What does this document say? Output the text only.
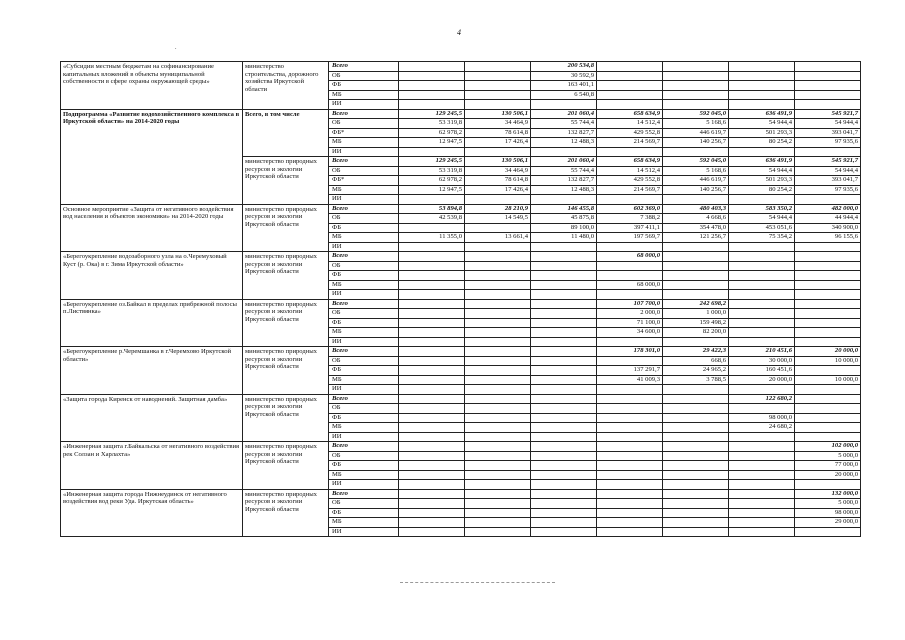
4
.
«Субсидии местным бюджетам на софинансирование капитальных вложений в объекты муниципальной собственности в сфере охраны окружающей среды»	министерство строительства, дорожного хозяйства Иркутской области	Всего			200 534,8				
		ОБ			30 592,9				
		ФБ			163 401,1				
		МБ			6 540,8				
		ИИ							
Подпрограмма «Развитие водохозяйственного комплекса в Иркутской области» на 2014-2020 годы	Всего, в том числе	Всего	129 245,5	130 506,1	201 060,4	658 634,9	592 045,0	636 491,9	545 921,7
		ОБ	53 319,8	34 464,9	55 744,4	14 512,4	5 168,6	54 944,4	54 944,4
		ФБ*	62 978,2	78 614,8	132 827,7	429 552,8	446 619,7	501 293,3	393 041,7
		МБ	12 947,5	17 426,4	12 488,3	214 569,7	140 256,7	80 254,2	97 935,6
		ИИ							
	министерство природных ресурсов и экологии Иркутской области	Всего	129 245,5	130 506,1	201 060,4	658 634,9	592 045,0	636 491,9	545 921,7
		ОБ	53 319,8	34 464,9	55 744,4	14 512,4	5 168,6	54 944,4	54 944,4
		ФБ*	62 978,2	78 614,8	132 827,7	429 552,8	446 619,7	501 293,3	393 041,7
		МБ	12 947,5	17 426,4	12 488,3	214 569,7	140 256,7	80 254,2	97 935,6
		ИИ							
Основное мероприятие «Защита от негативного воздействия вод населения и объектов экономики» на 2014-2020 годы	министерство природных ресурсов и экологии Иркутской области	Всего	53 894,8	28 210,9	146 455,8	602 369,0	480 403,3	583 350,2	482 000,0
		ОБ	42 539,8	14 549,5	45 875,8	7 388,2	4 668,6	54 944,4	44 944,4
		ФБ			89 100,0	397 411,1	354 478,0	453 051,6	340 900,0
		МБ	11 355,0	13 661,4	11 480,0	197 569,7	121 256,7	75 354,2	96 155,6
		ИИ							
«Берегоукрепление водозаборного узла на о.Черемуховый Куст (р. Ока) в г. Зима Иркутской области»	министерство природных ресурсов и экологии Иркутской области	Всего				68 000,0			
		ОБ							
		ФБ							
		МБ				68 000,0			
		ИИ							
«Берегоукрепление оз.Байкал в пределах прибрежной полосы п.Листвянка»	министерство природных ресурсов и экологии Иркутской области	Всего				107 700,0	242 698,2		
		ОБ				2 000,0	1 000,0		
		ФБ				71 100,0	159 498,2		
		МБ				34 600,0	82 200,0		
		ИИ							
«Берегоукрепление р.Черемшанка в г.Черемхово Иркутской области»	министерство природных ресурсов и экологии Иркутской области	Всего				178 301,0	29 422,3	210 451,6	20 000,0
		ОБ					668,6	30 000,0	10 000,0
		ФБ				137 291,7	24 965,2	160 451,6	
		МБ				41 009,3	3 788,5	20 000,0	10 000,0
		ИИ							
«Защита города Киренск от наводнений. Защитная дамба»	министерство природных ресурсов и экологии Иркутской области	Всего						122 680,2	
		ОБ							
		ФБ						98 000,0	
		МБ						24 680,2	
		ИИ							
«Инженерная защита г.Байкальска от негативного воздействия рек Солзан и Харлахта»	министерство природных ресурсов и экологии Иркутской области	Всего							102 000,0
		ОБ							5 000,0
		ФБ							77 000,0
		МБ							20 000,0
		ИИ							
«Инженерная защита города Нижнеудинск от негативного воздействия вод реки Уда. Иркутская область»	министерство природных ресурсов и экологии Иркутской области	Всего							132 000,0
		ОБ							5 000,0
		ФБ							98 000,0
		МБ							29 000,0
		ИИ							
